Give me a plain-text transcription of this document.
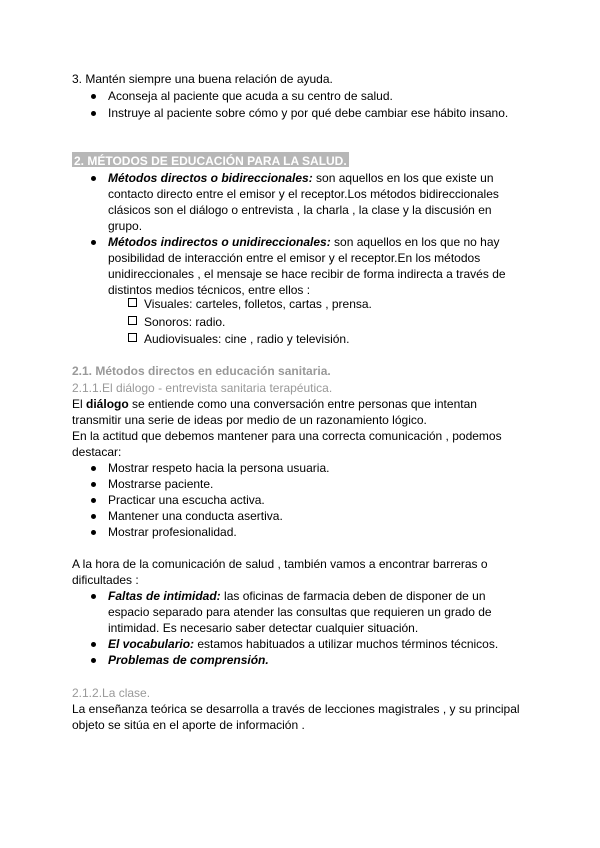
3. Mantén siempre una buena relación de ayuda.
Aconseja al paciente que acuda a su centro de salud.
Instruye al paciente sobre cómo y por qué debe cambiar ese hábito insano.
2. MÉTODOS DE EDUCACIÓN PARA LA SALUD.
Métodos directos o bidireccionales: son aquellos en los que existe un
contacto directo entre el emisor y el receptor.Los métodos bidireccionales
clásicos son el diálogo o entrevista , la charla , la clase y la discusión en
grupo.
Métodos indirectos o unidireccionales: son aquellos en los que no hay
posibilidad de interacción entre el emisor y el receptor.En los métodos
unidireccionales , el mensaje se hace recibir de forma indirecta a través de
distintos medios técnicos, entre ellos :
Visuales: carteles, folletos, cartas , prensa.
Sonoros: radio.
Audiovisuales: cine , radio y televisión.
2.1. Métodos directos en educación sanitaria.
2.1.1.El diálogo - entrevista sanitaria terapéutica.
El diálogo se entiende como una conversación entre personas que intentan
transmitir una serie de ideas por medio de un razonamiento lógico.
En la actitud que debemos mantener para una correcta comunicación , podemos
destacar:
Mostrar respeto hacia la persona usuaria.
Mostrarse paciente.
Practicar una escucha activa.
Mantener una conducta asertiva.
Mostrar profesionalidad.
A la hora de la comunicación de salud , también vamos a encontrar barreras o
dificultades :
Faltas de intimidad: las oficinas de farmacia deben de disponer de un
espacio separado para atender las consultas que requieren un grado de
intimidad. Es necesario saber detectar cualquier situación.
El vocabulario: estamos habituados a utilizar muchos términos técnicos.
Problemas de comprensión.
2.1.2.La clase.
La enseñanza teórica se desarrolla a través de lecciones magistrales , y su principal
objeto se sitúa en el aporte de información .
